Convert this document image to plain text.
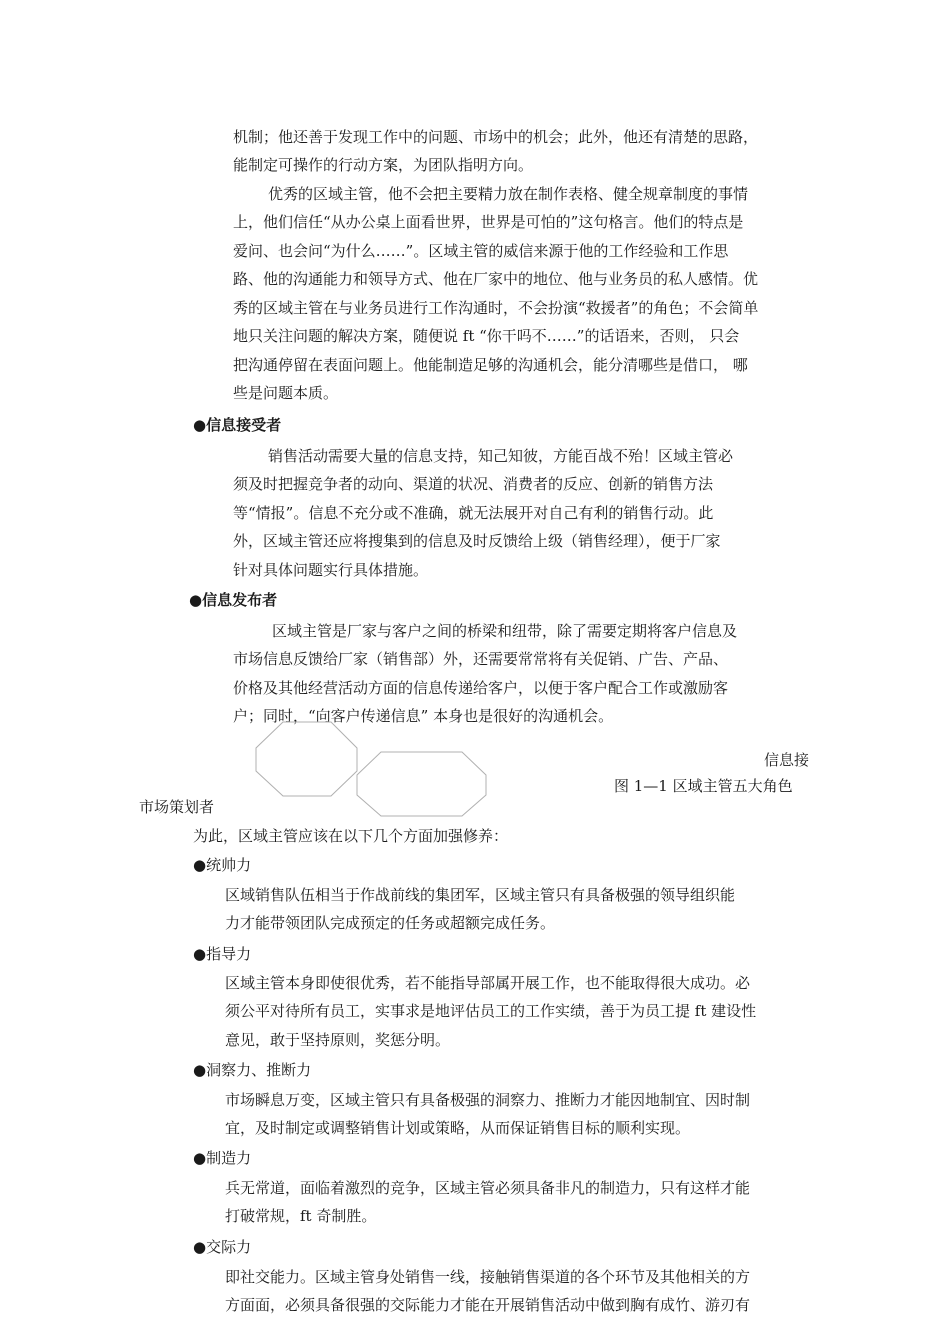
机制；他还善于发现工作中的问题、市场中的机会；此外，他还有清楚的思路，
能制定可操作的行动方案，为团队指明方向。
优秀的区域主管，他不会把主要精力放在制作表格、健全规章制度的事情
上，他们信任“从办公桌上面看世界，世界是可怕的”这句格言。他们的特点是
爱问、也会问“为什么……”。区域主管的威信来源于他的工作经验和工作思
路、他的沟通能力和领导方式、他在厂家中的地位、他与业务员的私人感情。优
秀的区域主管在与业务员进行工作沟通时，不会扮演“救援者”的角色；不会简单
地只关注问题的解决方案，随便说 ft “你干吗不……”的话语来，否则， 只会
把沟通停留在表面问题上。他能制造足够的沟通机会，能分清哪些是借口， 哪
些是问题本质。
●信息接受者
销售活动需要大量的信息支持，知己知彼，方能百战不殆！区域主管必
须及时把握竞争者的动向、渠道的状况、消费者的反应、创新的销售方法
等“情报”。信息不充分或不准确，就无法展开对自己有利的销售行动。此
外，区域主管还应将搜集到的信息及时反馈给上级（销售经理），便于厂家
针对具体问题实行具体措施。
●信息发布者
区域主管是厂家与客户之间的桥梁和纽带，除了需要定期将客户信息及
市场信息反馈给厂家（销售部）外，还需要常常将有关促销、广告、产品、
价格及其他经营活动方面的信息传递给客户，以便于客户配合工作或激励客
户；同时，“向客户传递信息” 本身也是很好的沟通机会。
信息接
图 1—1 区域主管五大角色
市场策划者
为此，区域主管应该在以下几个方面加强修养：
●统帅力
区域销售队伍相当于作战前线的集团军，区域主管只有具备极强的领导组织能
力才能带领团队完成预定的任务或超额完成任务。
●指导力
区域主管本身即使很优秀，若不能指导部属开展工作，也不能取得很大成功。必
须公平对待所有员工，实事求是地评估员工的工作实绩，善于为员工提 ft 建设性
意见，敢于坚持原则，奖惩分明。
●洞察力、推断力
市场瞬息万变，区域主管只有具备极强的洞察力、推断力才能因地制宜、因时制
宜，及时制定或调整销售计划或策略，从而保证销售目标的顺利实现。
●制造力
兵无常道，面临着激烈的竞争，区域主管必须具备非凡的制造力，只有这样才能
打破常规，ft 奇制胜。
●交际力
即社交能力。区域主管身处销售一线，接触销售渠道的各个环节及其他相关的方
方面面，必须具备很强的交际能力才能在开展销售活动中做到胸有成竹、游刃有
